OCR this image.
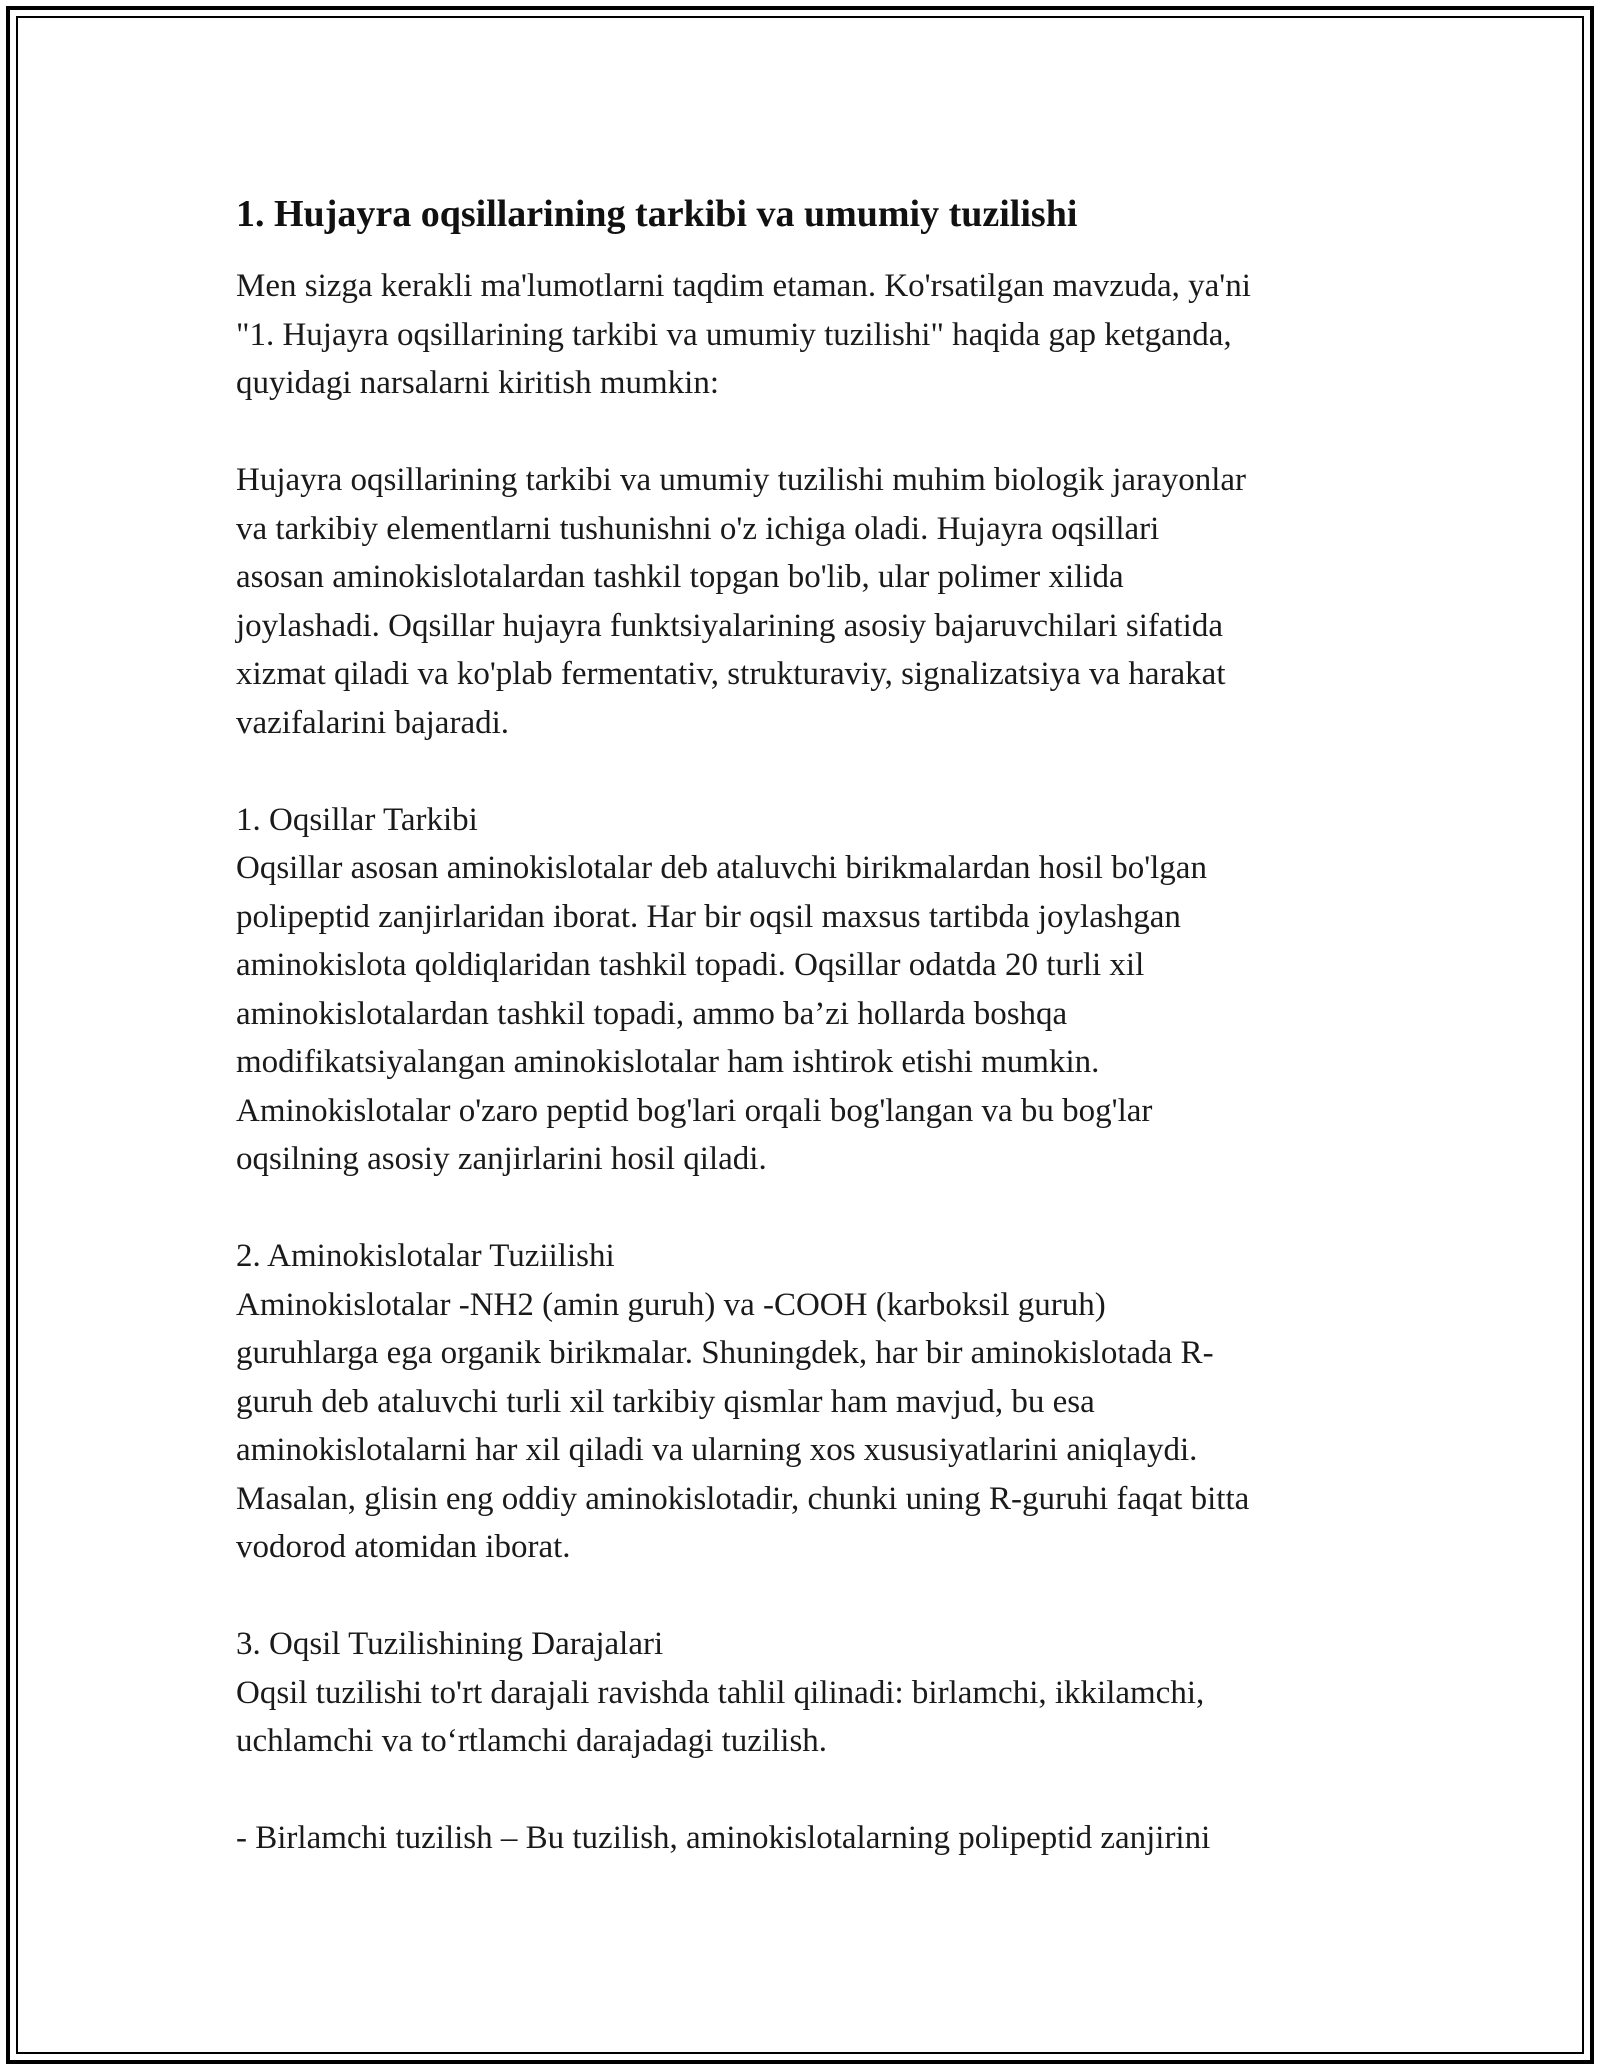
1. Hujayra oqsillarining tarkibi va umumiy tuzilishi

Men sizga kerakli ma'lumotlarni taqdim etaman. Ko'rsatilgan mavzuda, ya'ni
"1. Hujayra oqsillarining tarkibi va umumiy tuzilishi" haqida gap ketganda,
quyidagi narsalarni kiritish mumkin:

Hujayra oqsillarining tarkibi va umumiy tuzilishi muhim biologik jarayonlar
va tarkibiy elementlarni tushunishni o'z ichiga oladi. Hujayra oqsillari
asosan aminokislotalardan tashkil topgan bo'lib, ular polimer xilida
joylashadi. Oqsillar hujayra funktsiyalarining asosiy bajaruvchilari sifatida
xizmat qiladi va ko'plab fermentativ, strukturaviy, signalizatsiya va harakat
vazifalarini bajaradi.

1. Oqsillar Tarkibi

Oqsillar asosan aminokislotalar deb ataluvchi birikmalardan hosil bo'lgan
polipeptid zanjirlaridan iborat. Har bir oqsil maxsus tartibda joylashgan
aminokislota qoldiqlaridan tashkil topadi. Oqsillar odatda 20 turli xil
aminokislotalardan tashkil topadi, ammo ba’zi hollarda boshqa
modifikatsiyalangan aminokislotalar ham ishtirok etishi mumkin.
Aminokislotalar o'zaro peptid bog'lari orqali bog'langan va bu bog'lar
oqsilning asosiy zanjirlarini hosil qiladi.

2. Aminokislotalar Tuziilishi

Aminokislotalar -NH2 (amin guruh) va -COOH (karboksil guruh)
guruhlarga ega organik birikmalar. Shuningdek, har bir aminokislotada R-
guruh deb ataluvchi turli xil tarkibiy qismlar ham mavjud, bu esa
aminokislotalarni har xil qiladi va ularning xos xususiyatlarini aniqlaydi.
Masalan, glisin eng oddiy aminokislotadir, chunki uning R-guruhi faqat bitta
vodorod atomidan iborat.

3. Oqsil Tuzilishining Darajalari

Oqsil tuzilishi to'rt darajali ravishda tahlil qilinadi: birlamchi, ikkilamchi,
uchlamchi va to‘rtlamchi darajadagi tuzilish.

- Birlamchi tuzilish – Bu tuzilish, aminokislotalarning polipeptid zanjirini
